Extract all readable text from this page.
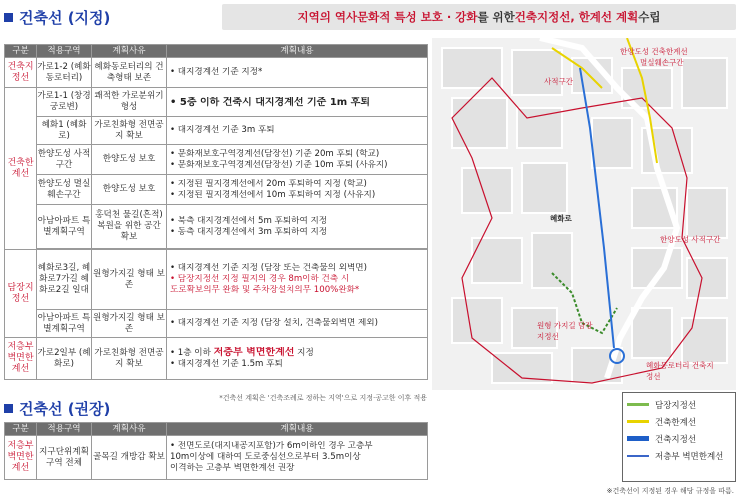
건축선 (지정)	지역의 역사문화적 특성 보호 · 강화 를 위한 건축지정선, 한계선 계획 수립
구분	적용구역	계획사유	계획내용
건축지정선	가로1-2 (혜화동로터리)	혜화동로터리의 건축형태 보존	• 대지경계선 기준 지정*

건축한계선	가로1-1 (창경궁로변)	쾌적한 가로분위기 형성	• 5층 이하 건축시 대지경계선 기준 1m 후퇴

	혜화1 (혜화로)	가로친화형 전면공지 확보	• 대지경계선 기준 3m 후퇴

	한양도성 사적구간	한양도성 보호	• 문화재보호구역경계선(담장선) 기준 20m 후퇴 (학교)
• 문화재보호구역경계선(담장선) 기준 10m 후퇴 (사유지)

	한양도성 멸실훼손구간	한양도성 보호	• 지정된 필지경계선에서 20m 후퇴하여 지정 (학교)
• 지정된 필지경계선에서 10m 후퇴하여 지정 (사유지)

	아남아파트 특별계획구역	홍덕천 물길(흔적) 복원을 위한 공간 확보	• 북측 대지경계선에서 5m 후퇴하여 지정
• 동측 대지경계선에서 3m 후퇴하여 지정

담장지정선	혜화로3길, 혜화로7가길 혜화로2길 일대	원형가지길 형태 보존	• 대지경계선 기준 지정 (담장 또는 건축물의 외벽면)
• 담장지정선 지정 필지의 경우 8m이하 건축 시
도로확보의무 완화 및 주차장설치의무 100%완화*

	아남아파트 특별계획구역	원형가지길 형태 보존	• 대지경계선 기준 지정 (담장 설치, 건축물외벽면 제외)

저층부벽면한계선	가로2일부 (혜화로)	가로친화형 전면공지 확보	• 1층 이하 저층부 벽면한계선 지정
• 대지경계선 기준 1.5m 후퇴
*건축선 계획은 '건축조례로 정하는 지역'으로 지정·공고한 이후 적용
건축선 (권장)
구분	적용구역	계획사유	계획내용
저층부벽면한계선	지구단위계획구역 전체	골목길 개방감 확보	• 전면도로(대지내공지포함)가 6m이하인 경우 고층부
10m이상에 대하여 도로중심선으로부터 3.5m이상
이격하는 고층부 벽면한계선 권장
※건축선이 지정된 경우 해당 규정을 따름.
한양도성 건축한계선
멸실훼손구간
사적구간
한양도성 사적구간
원형 가지길 담장지정선
혜화동로터리 건축지정선
혜화로
담장지정선
건축한계선
건축지정선
저층부 벽면한계선
